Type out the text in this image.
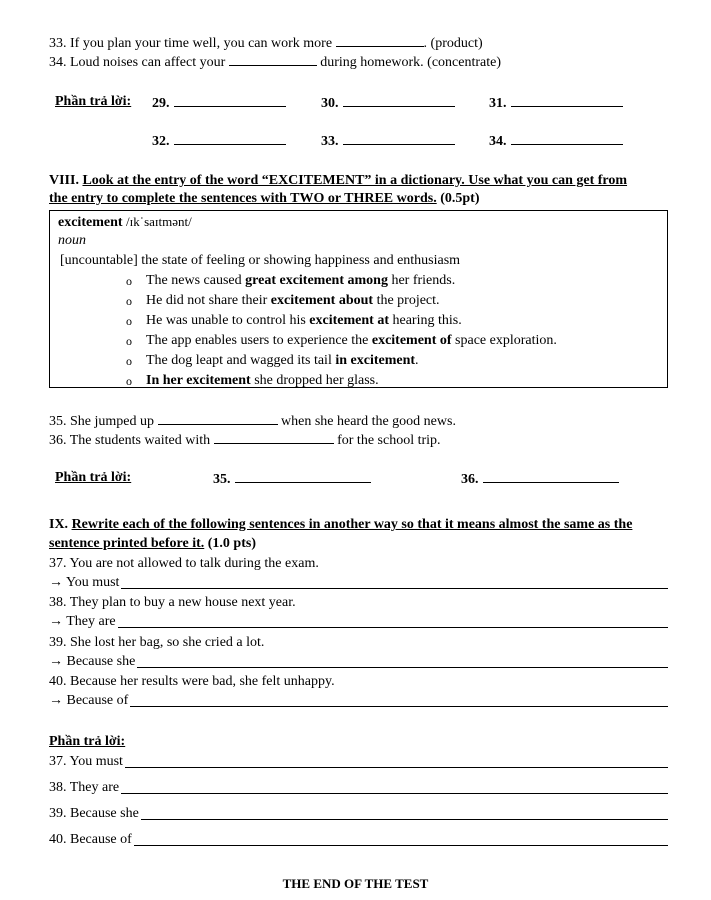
33. If you plan your time well, you can work more	. (product)
34. Loud noises can affect your	during homework. (concentrate)
Phần trả lời: 29.	30.	31.
32.	33.	34.
VIII. Look at the entry of the word “EXCITEMENT” in a dictionary. Use what you can get from
the entry to complete the sentences with TWO or THREE words. (0.5pt)
excitement /ɪkˈsaɪtmənt/
noun
[uncountable] the state of feeling or showing happiness and enthusiasm
o The news caused great excitement among her friends.
o He did not share their excitement about the project.
o He was unable to control his excitement at hearing this.
o The app enables users to experience the excitement of space exploration.
o The dog leapt and wagged its tail in excitement.
o In her excitement she dropped her glass.
35. She jumped up	when she heard the good news.
36. The students waited with	for the school trip.
Phần trả lời:	35.	36.
IX. Rewrite each of the following sentences in another way so that it means almost the same as the
sentence printed before it. (1.0 pts)
37. You are not allowed to talk during the exam.
→ You must
38. They plan to buy a new house next year.
→ They are
39. She lost her bag, so she cried a lot.
→ Because she
40. Because her results were bad, she felt unhappy.
→ Because of
Phần trả lời:
37. You must
38. They are
39. Because she
40. Because of
THE END OF THE TEST
